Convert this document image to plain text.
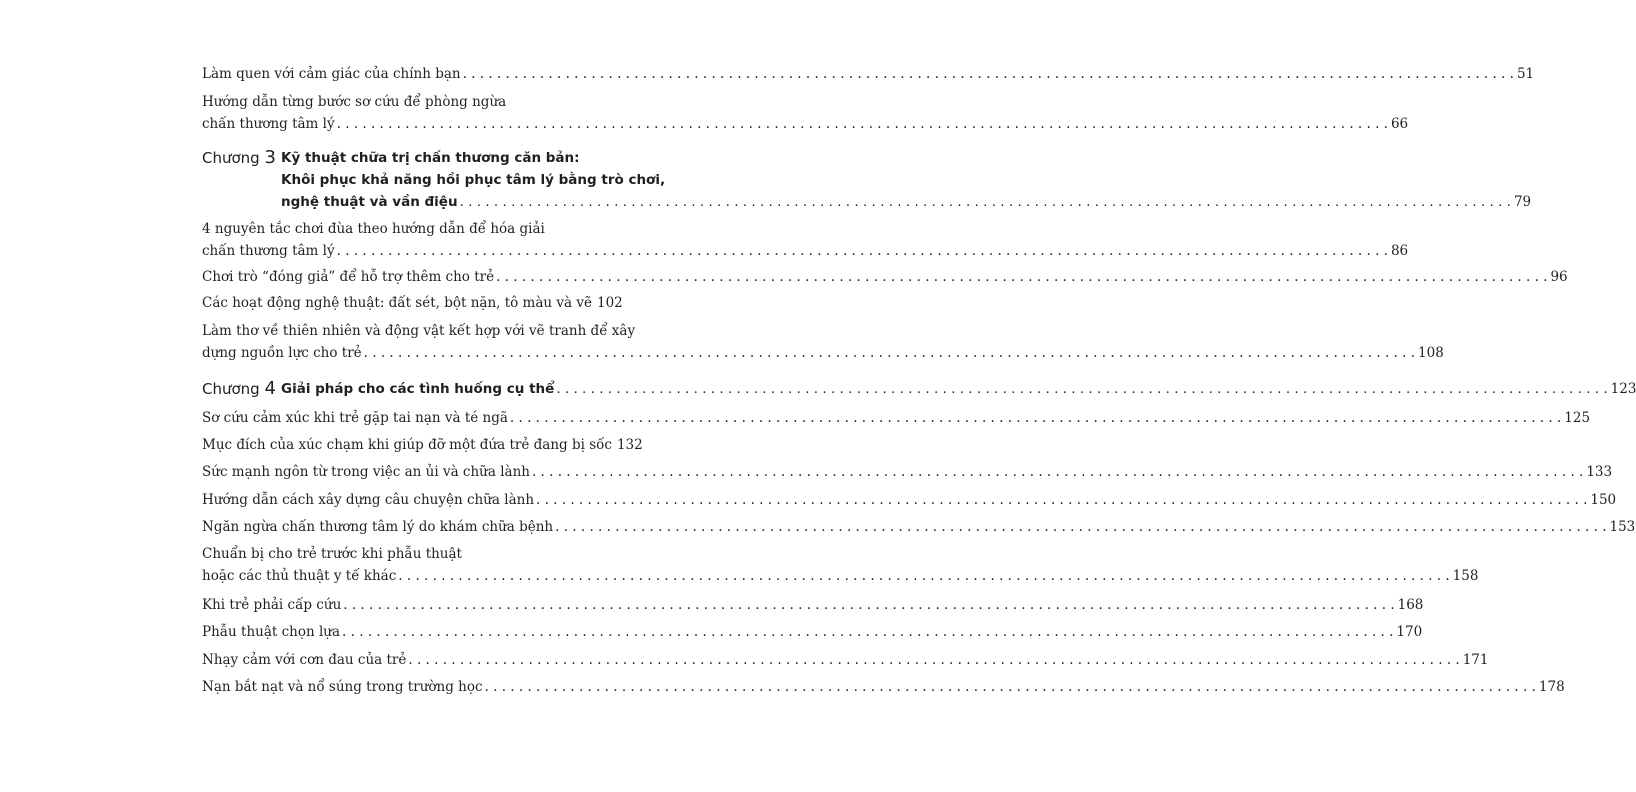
Làm quen với cảm giác của chính bạn . . .	51
Hướng dẫn từng bước sơ cứu để phòng ngừa
chấn thương tâm lý . . .	66
Chương 3 Kỹ thuật chữa trị chấn thương căn bản:
Khôi phục khả năng hồi phục tâm lý bằng trò chơi,
nghệ thuật và vần điệu . . .	79
4 nguyên tắc chơi đùa theo hướng dẫn để hóa giải
chấn thương tâm lý . . .	86
Chơi trò “đóng giả” để hỗ trợ thêm cho trẻ . . .	96
Các hoạt động nghệ thuật: đất sét, bột nặn, tô màu và vẽ 102
Làm thơ về thiên nhiên và động vật kết hợp với vẽ tranh để xây
dựng nguồn lực cho trẻ . . .	108
Chương 4 Giải pháp cho các tình huống cụ thể . . .	123
Sơ cứu cảm xúc khi trẻ gặp tai nạn và té ngã . . .	125
Mục đích của xúc chạm khi giúp đỡ một đứa trẻ đang bị sốc 132
Sức mạnh ngôn từ trong việc an ủi và chữa lành . . .	133
Hướng dẫn cách xây dựng câu chuyện chữa lành . . .	150
Ngăn ngừa chấn thương tâm lý do khám chữa bệnh . . .	153
Chuẩn bị cho trẻ trước khi phẫu thuật
hoặc các thủ thuật y tế khác . . .	158
Khi trẻ phải cấp cứu . . .	168
Phẫu thuật chọn lựa . . .	170
Nhạy cảm với cơn đau của trẻ . . .	171
Nạn bắt nạt và nổ súng trong trường học . . .	178
